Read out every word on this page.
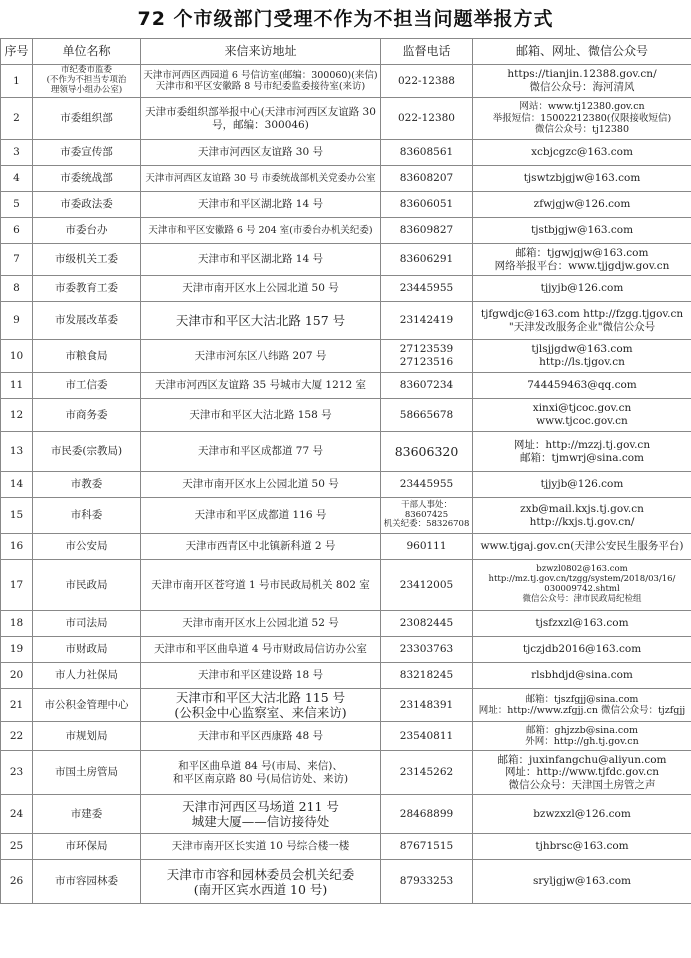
72 个市级部门受理不作为不担当问题举报方式
序号	单位名称	来信来访地址	监督电话	邮箱、网址、微信公众号
1	市纪委市监委
(不作为不担当专项治
理领导小组办公室)	天津市河西区西园道 6 号信访室(邮编：300060)(来信)
天津市和平区安徽路 8 号市纪委监委接待室(来访)	022-12388	https://tianjin.12388.gov.cn/
微信公众号：海河清风

2	市委组织部	天津市委组织部举报中心(天津市河西区友谊路 30
号，邮编：300046)	022-12380	网站：www.tj12380.gov.cn
举报短信：15002212380(仅限接收短信)
微信公众号：tj12380

3	市委宣传部	天津市河西区友谊路 30 号	83608561	xcbjcgzc@163.com
4	市委统战部	天津市河西区友谊路 30 号 市委统战部机关党委办公室	83608207	tjswtzbjgjw@163.com
5	市委政法委	天津市和平区湖北路 14 号	83606051	zfwjgjw@126.com
6	市委台办	天津市和平区安徽路 6 号 204 室(市委台办机关纪委)	83609827	tjstbjgjw@163.com
7	市级机关工委	天津市和平区湖北路 14 号	83606291	邮箱：tjgwjgjw@163.com
网络举报平台：www.tjjgdjw.gov.cn

8	市委教育工委	天津市南开区水上公园北道 50 号	23445955	tjjyjb@126.com
9	市发展改革委	天津市和平区大沽北路 157 号	23142419	tjfgwdjc@163.com http://fzgg.tjgov.cn
"天津发改服务企业"微信公众号

10	市粮食局	天津市河东区八纬路 207 号	27123539
27123516	tjlsjjgdw@163.com
http://ls.tjgov.cn

11	市工信委	天津市河西区友谊路 35 号城市大厦 1212 室	83607234	744459463@qq.com
12	市商务委	天津市和平区大沽北路 158 号	58665678	xinxi@tjcoc.gov.cn
www.tjcoc.gov.cn

13	市民委(宗教局)	天津市和平区成都道 77 号	83606320	网址：http://mzzj.tj.gov.cn
邮箱：tjmwrj@sina.com

14	市教委	天津市南开区水上公园北道 50 号	23445955	tjjyjb@126.com
15	市科委	天津市和平区成都道 116 号	干部人事处：
83607425
机关纪委：58326708	zxb@mail.kxjs.tj.gov.cn
http://kxjs.tj.gov.cn/

16	市公安局	天津市西青区中北镇新科道 2 号	960111	www.tjgaj.gov.cn(天津公安民生服务平台)
17	市民政局	天津市南开区苍穹道 1 号市民政局机关 802 室	23412005	bzwzl0802@163.com
http://mz.tj.gov.cn/tzgg/system/2018/03/16/
030009742.shtml
微信公众号：津市民政局纪检组

18	市司法局	天津市南开区水上公园北道 52 号	23082445	tjsfzxzl@163.com
19	市财政局	天津市和平区曲阜道 4 号市财政局信访办公室	23303763	tjczjdb2016@163.com
20	市人力社保局	天津市和平区建设路 18 号	83218245	rlsbhdjd@sina.com
21	市公积金管理中心	天津市和平区大沽北路 115 号
(公积金中心监察室、来信来访)	23148391	邮箱：tjszfgjj@sina.com
网址：http://www.zfgjj.cn 微信公众号：tjzfgjj

22	市规划局	天津市和平区西康路 48 号	23540811	邮箱：ghjzzb@sina.com
外网：http://gh.tj.gov.cn

23	市国土房管局	和平区曲阜道 84 号(市局、来信)、
和平区南京路 80 号(局信访处、来访)	23145262	邮箱：juxinfangchu@aliyun.com
网址：http://www.tjfdc.gov.cn
微信公众号：天津国土房管之声

24	市建委	天津市河西区马场道 211 号
城建大厦——信访接待处	28468899	bzwzxzl@126.com
25	市环保局	天津市南开区长实道 10 号综合楼一楼	87671515	tjhbrsc@163.com
26	市市容园林委	天津市市容和园林委员会机关纪委
(南开区宾水西道 10 号)	87933253	sryljgjw@163.com
